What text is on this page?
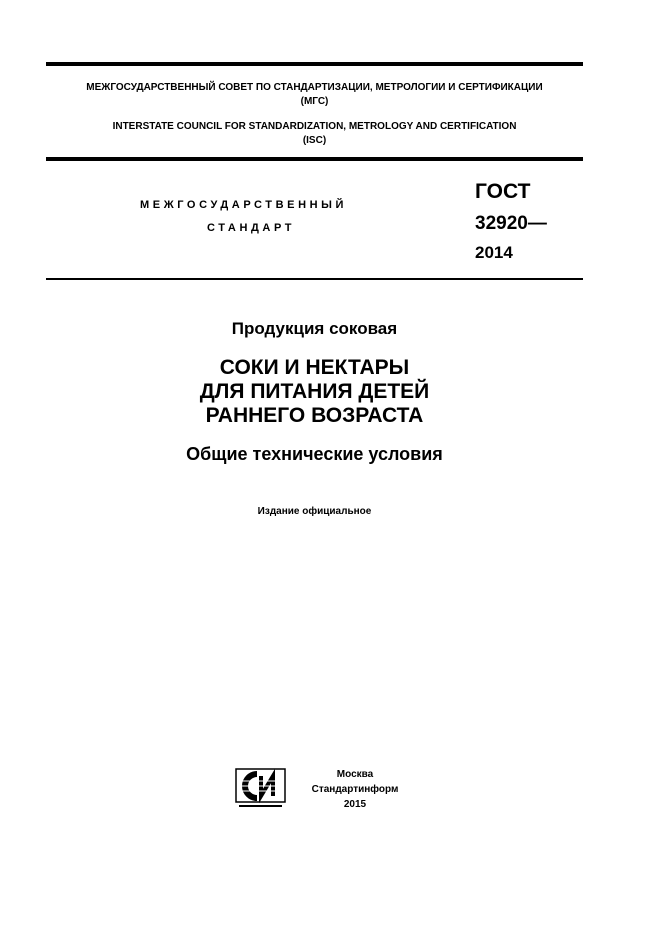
МЕЖГОСУДАРСТВЕННЫЙ СОВЕТ ПО СТАНДАРТИЗАЦИИ, МЕТРОЛОГИИ И СЕРТИФИКАЦИИ
(МГС)
INTERSTATE COUNCIL FOR STANDARDIZATION, METROLOGY AND CERTIFICATION
(ISC)
МЕЖГОСУДАРСТВЕННЫЙ
СТАНДАРТ
ГОСТ
32920—
2014
Продукция соковая
СОКИ И НЕКТАРЫ
ДЛЯ ПИТАНИЯ ДЕТЕЙ
РАННЕГО ВОЗРАСТА
Общие технические условия
Издание официальное
Москва
Стандартинформ
2015
